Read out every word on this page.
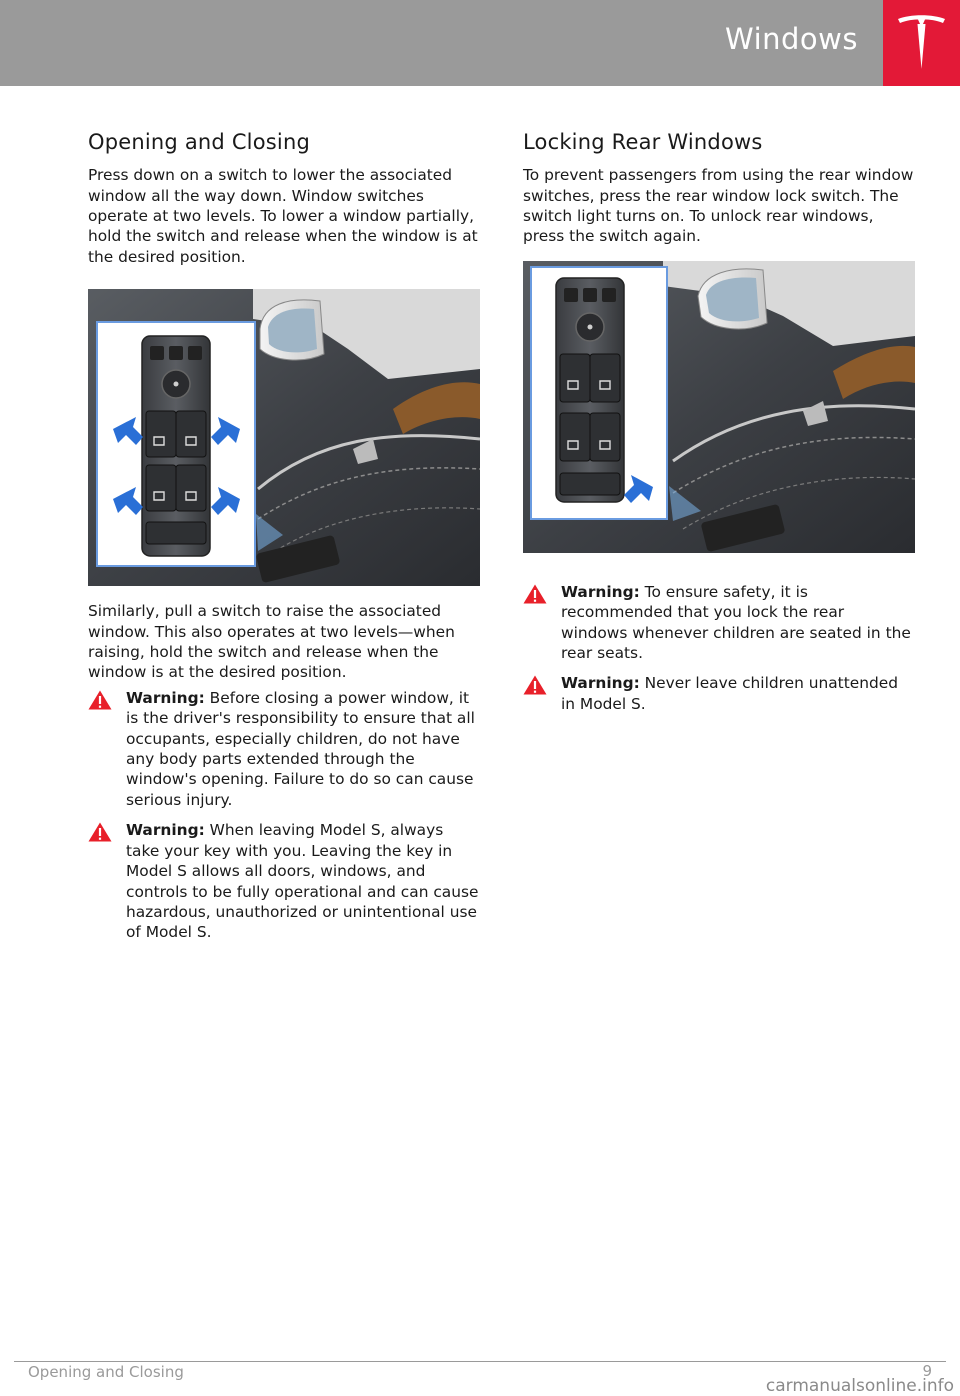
Windows
Opening and Closing

Press down on a switch to lower the associated window all the way down. Window switches operate at two levels. To lower a window partially, hold the switch and release when the window is at the desired position.

Similarly, pull a switch to raise the associated window. This also operates at two levels—when raising, hold the switch and release when the window is at the desired position.

Warning: Before closing a power window, it is the driver's responsibility to ensure that all occupants, especially children, do not have any body parts extended through the window's opening. Failure to do so can cause serious injury.
Warning: When leaving Model S, always take your key with you. Leaving the key in Model S allows all doors, windows, and controls to be fully operational and can cause hazardous, unauthorized or unintentional use of Model S.
Locking Rear Windows

To prevent passengers from using the rear window switches, press the rear window lock switch. The switch light turns on. To unlock rear windows, press the switch again.

Warning: To ensure safety, it is recommended that you lock the rear windows whenever children are seated in the rear seats.
Warning: Never leave children unattended in Model S.
Opening and Closing	9
carmanualsonline.info
